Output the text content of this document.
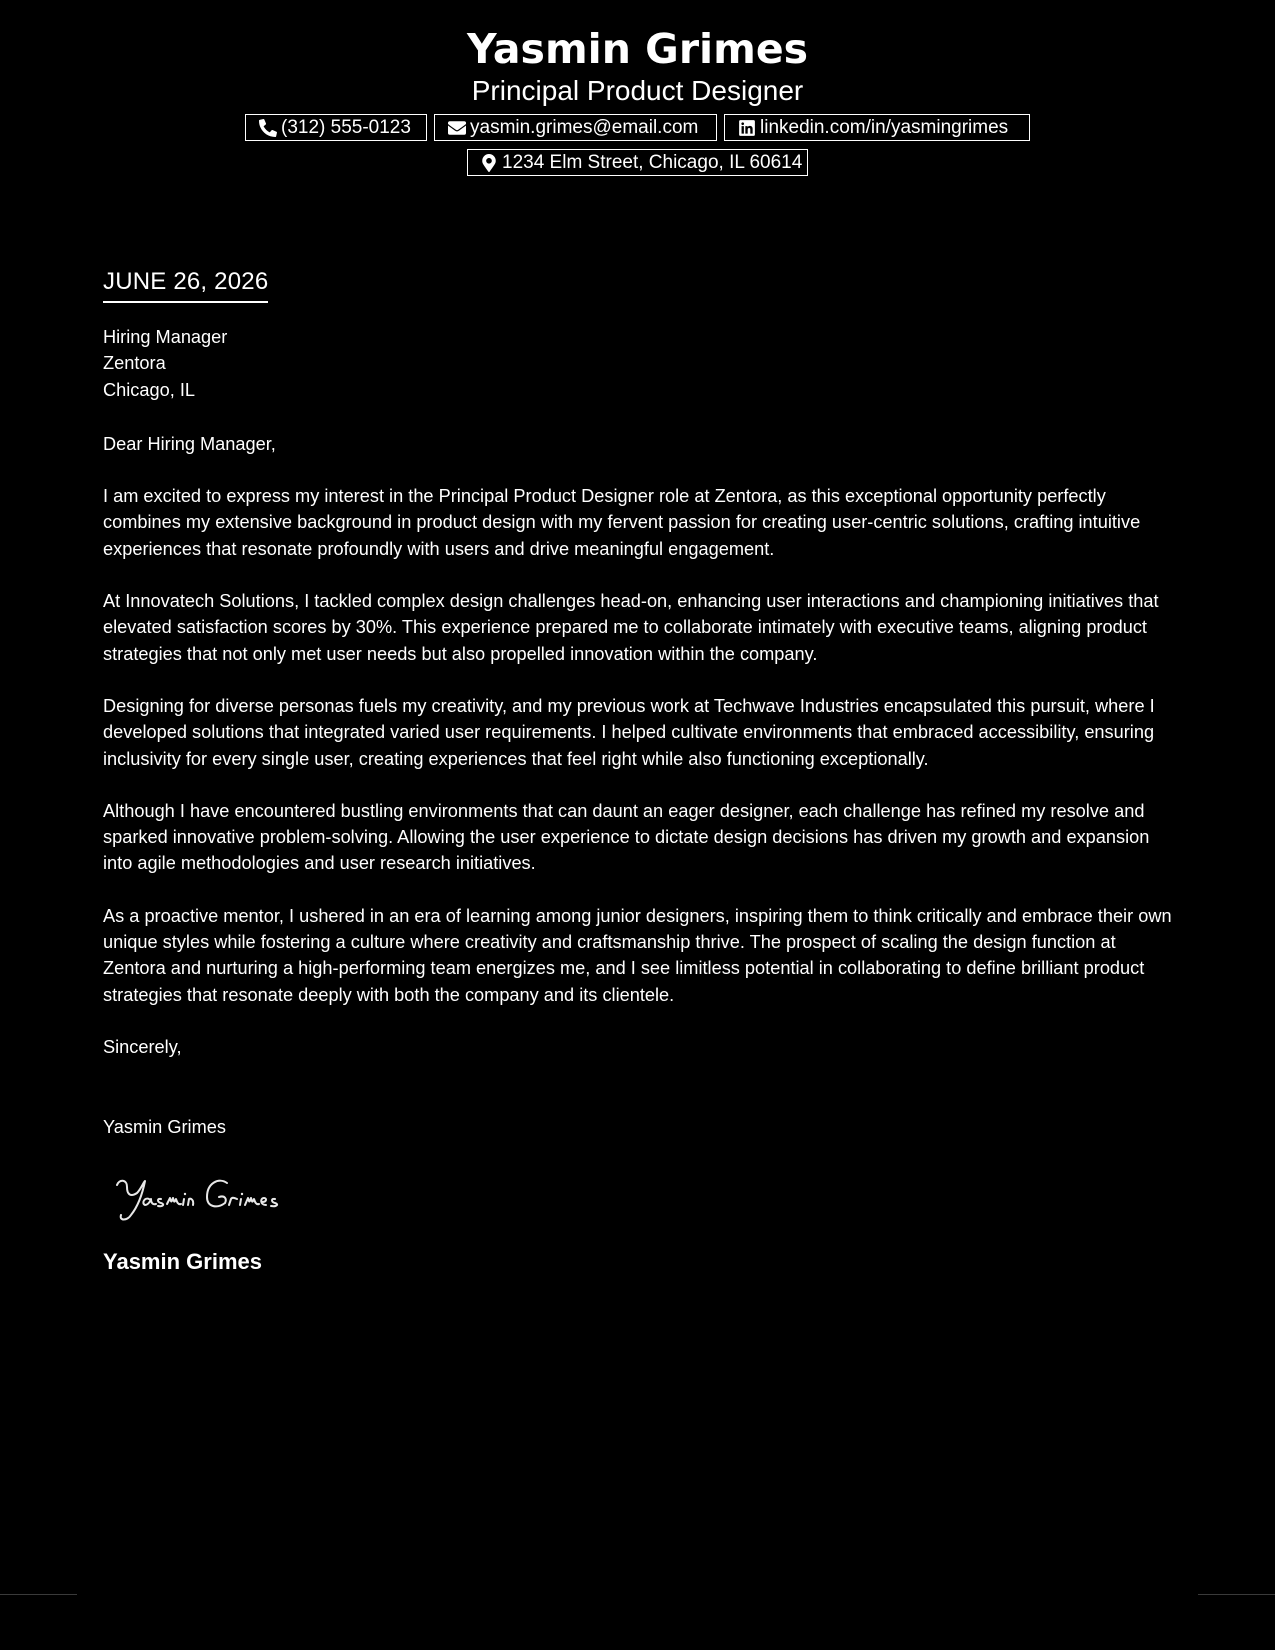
Yasmin Grimes
Principal Product Designer
(312) 555-0123	yasmin.grimes@email.com	linkedin.com/in/yasmingrimes
1234 Elm Street, Chicago, IL 60614
JUNE 26, 2026
Hiring Manager
Zentora
Chicago, IL
Dear Hiring Manager,

I am excited to express my interest in the Principal Product Designer role at Zentora, as this exceptional opportunity perfectly combines my extensive background in product design with my fervent passion for creating user-centric solutions, crafting intuitive experiences that resonate profoundly with users and drive meaningful engagement.

At Innovatech Solutions, I tackled complex design challenges head-on, enhancing user interactions and championing initiatives that elevated satisfaction scores by 30%. This experience prepared me to collaborate intimately with executive teams, aligning product strategies that not only met user needs but also propelled innovation within the company.

Designing for diverse personas fuels my creativity, and my previous work at Techwave Industries encapsulated this pursuit, where I developed solutions that integrated varied user requirements. I helped cultivate environments that embraced accessibility, ensuring inclusivity for every single user, creating experiences that feel right while also functioning exceptionally.

Although I have encountered bustling environments that can daunt an eager designer, each challenge has refined my resolve and sparked innovative problem-solving. Allowing the user experience to dictate design decisions has driven my growth and expansion into agile methodologies and user research initiatives.

As a proactive mentor, I ushered in an era of learning among junior designers, inspiring them to think critically and embrace their own unique styles while fostering a culture where creativity and craftsmanship thrive. The prospect of scaling the design function at Zentora and nurturing a high-performing team energizes me, and I see limitless potential in collaborating to define brilliant product strategies that resonate deeply with both the company and its clientele.

Sincerely,
Yasmin Grimes
Yasmin Grimes
